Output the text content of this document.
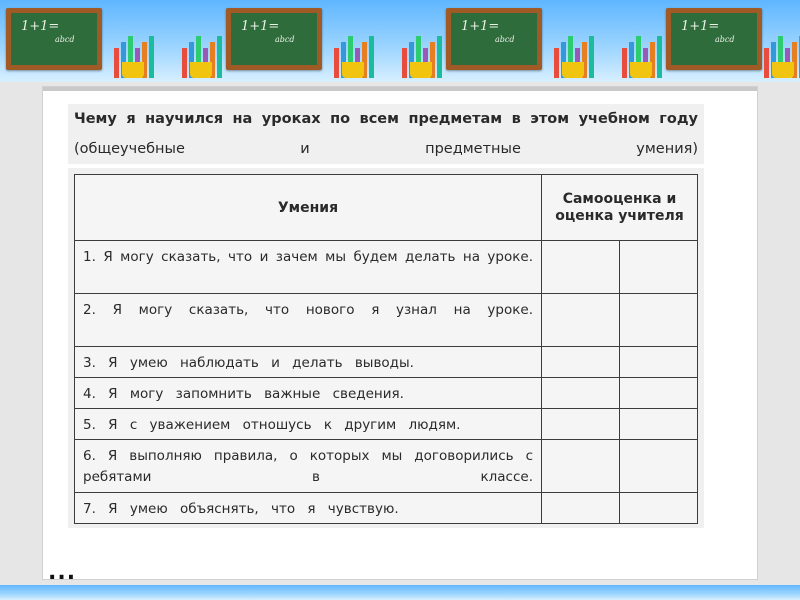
1+1=
abcd
1+1=
abcd
1+1=
abcd
1+1=
abcd
Чему я научился на уроках по всем предметам в этом учебном году (общеучебные и предметные умения)
Умения	Самооценка и оценка учителя	
1. Я могу сказать, что и зачем мы будем делать на уроке.		
2. Я могу сказать, что нового я узнал на уроке.		
3. Я умею наблюдать и делать выводы.		
4. Я могу запомнить важные сведения.		
5. Я с уважением отношусь к другим людям.		
6. Я выполняю правила, о которых мы договорились с ребятами в классе.		
7. Я умею объяснять, что я чувствую.		
...
